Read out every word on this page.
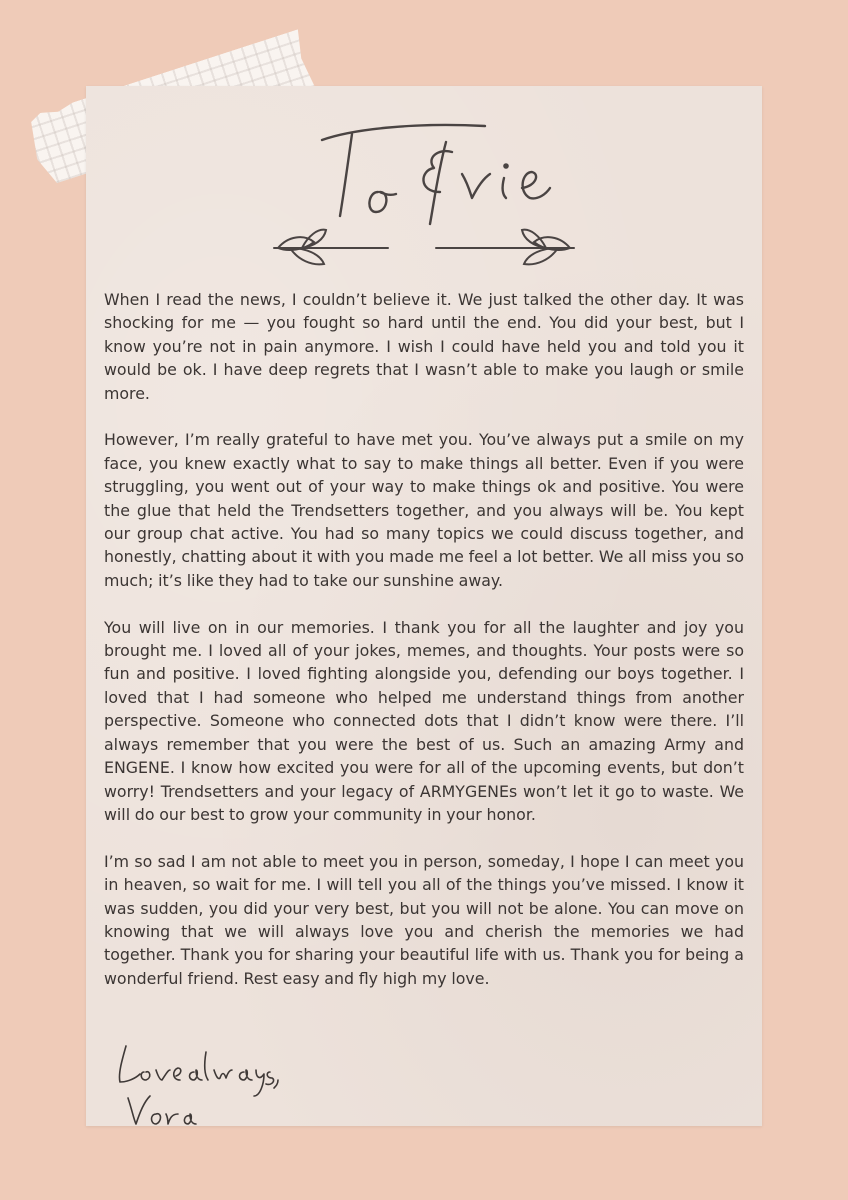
When I read the news, I couldn’t believe it. We just talked the other day. It was shocking for me — you fought so hard until the end. You did your best, but I know you’re not in pain anymore. I wish I could have held you and told you it would be ok. I have deep regrets that I wasn’t able to make you laugh or smile more.

However, I’m really grateful to have met you. You’ve always put a smile on my face, you knew exactly what to say to make things all better. Even if you were struggling, you went out of your way to make things ok and positive. You were the glue that held the Trendsetters together, and you always will be. You kept our group chat active. You had so many topics we could discuss together, and honestly, chatting about it with you made me feel a lot better. We all miss you so much; it’s like they had to take our sunshine away.

You will live on in our memories. I thank you for all the laughter and joy you brought me. I loved all of your jokes, memes, and thoughts. Your posts were so fun and positive. I loved fighting alongside you, defending our boys together. I loved that I had someone who helped me understand things from another perspective. Someone who connected dots that I didn’t know were there. I’ll always remember that you were the best of us. Such an amazing Army and ENGENE. I know how excited you were for all of the upcoming events, but don’t worry! Trendsetters and your legacy of ARMYGENEs won’t let it go to waste. We will do our best to grow your community in your honor.

I’m so sad I am not able to meet you in person, someday, I hope I can meet you in heaven, so wait for me. I will tell you all of the things you’ve missed. I know it was sudden, you did your very best, but you will not be alone. You can move on knowing that we will always love you and cherish the memories we had together. Thank you for sharing your beautiful life with us. Thank you for being a wonderful friend. Rest easy and fly high my love.
